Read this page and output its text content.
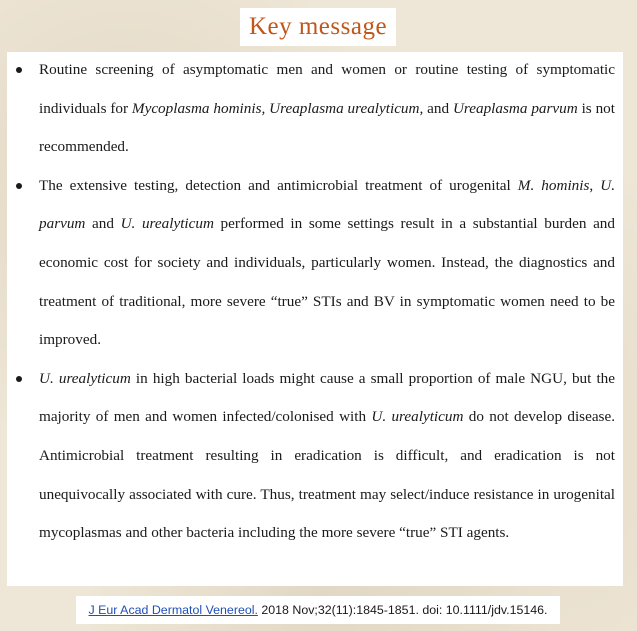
Key message
Routine screening of asymptomatic men and women or routine testing of symptomatic individuals for Mycoplasma hominis, Ureaplasma urealyticum, and Ureaplasma parvum is not recommended.
The extensive testing, detection and antimicrobial treatment of urogenital M. hominis, U. parvum and U. urealyticum performed in some settings result in a substantial burden and economic cost for society and individuals, particularly women. Instead, the diagnostics and treatment of traditional, more severe “true” STIs and BV in symptomatic women need to be improved.
U. urealyticum in high bacterial loads might cause a small proportion of male NGU, but the majority of men and women infected/colonised with U. urealyticum do not develop disease. Antimicrobial treatment resulting in eradication is difficult, and eradication is not unequivocally associated with cure. Thus, treatment may select/induce resistance in urogenital mycoplasmas and other bacteria including the more severe “true” STI agents.
J Eur Acad Dermatol Venereol. 2018 Nov;32(11):1845-1851. doi: 10.1111/jdv.15146.
